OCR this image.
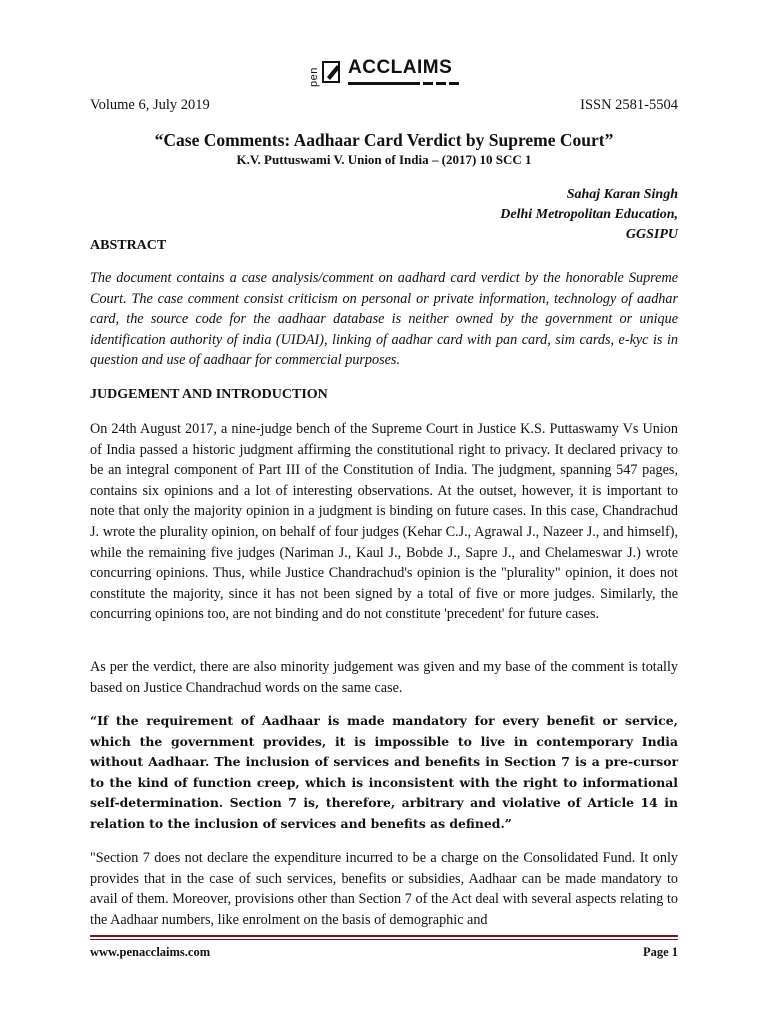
pen ACCLAIMS
Volume 6, July 2019	ISSN 2581-5504
“Case Comments: Aadhaar Card Verdict by Supreme Court”
K.V. Puttuswami V. Union of India – (2017) 10 SCC 1
Sahaj Karan Singh
Delhi Metropolitan Education,
GGSIPU
ABSTRACT
The document contains a case analysis/comment on aadhard card verdict by the honorable Supreme Court. The case comment consist criticism on personal or private information, technology of aadhar card, the source code for the aadhaar database is neither owned by the government or unique identification authority of india (UIDAI), linking of aadhar card with pan card, sim cards, e-kyc is in question and use of aadhaar for commercial purposes.
JUDGEMENT AND INTRODUCTION
On 24th August 2017, a nine-judge bench of the Supreme Court in Justice K.S. Puttaswamy Vs Union of India passed a historic judgment affirming the constitutional right to privacy. It declared privacy to be an integral component of Part III of the Constitution of India. The judgment, spanning 547 pages, contains six opinions and a lot of interesting observations. At the outset, however, it is important to note that only the majority opinion in a judgment is binding on future cases. In this case, Chandrachud J. wrote the plurality opinion, on behalf of four judges (Kehar C.J., Agrawal J., Nazeer J., and himself), while the remaining five judges (Nariman J., Kaul J., Bobde J., Sapre J., and Chelameswar J.) wrote concurring opinions. Thus, while Justice Chandrachud's opinion is the "plurality" opinion, it does not constitute the majority, since it has not been signed by a total of five or more judges. Similarly, the concurring opinions too, are not binding and do not constitute 'precedent' for future cases.
As per the verdict, there are also minority judgement was given and my base of the comment is totally based on Justice Chandrachud words on the same case.
“If the requirement of Aadhaar is made mandatory for every benefit or service, which the government provides, it is impossible to live in contemporary India without Aadhaar. The inclusion of services and benefits in Section 7 is a pre-cursor to the kind of function creep, which is inconsistent with the right to informational self-determination. Section 7 is, therefore, arbitrary and violative of Article 14 in relation to the inclusion of services and benefits as defined.”
"Section 7 does not declare the expenditure incurred to be a charge on the Consolidated Fund. It only provides that in the case of such services, benefits or subsidies, Aadhaar can be made mandatory to avail of them. Moreover, provisions other than Section 7 of the Act deal with several aspects relating to the Aadhaar numbers, like enrolment on the basis of demographic and
www.penacclaims.com	Page 1
